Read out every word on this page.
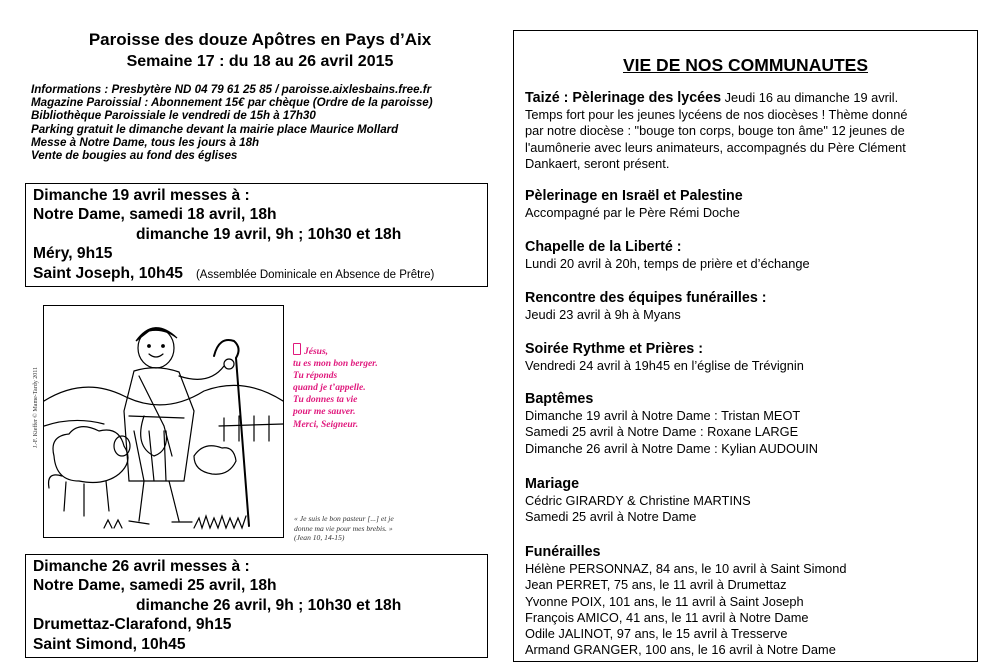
Paroisse des douze Apôtres en Pays d’Aix
Semaine 17 : du 18 au 26 avril 2015
Informations : Presbytère ND 04 79 61 25 85 / paroisse.aixlesbains.free.fr
Magazine Paroissial : Abonnement 15€ par chèque (Ordre de la paroisse)
Bibliothèque Paroissiale le vendredi de 15h à 17h30
Parking gratuit le dimanche devant la mairie place Maurice Mollard
Messe à Notre Dame, tous les jours à 18h
Vente de bougies au fond des églises
Dimanche 19 avril messes à :
Notre Dame, samedi 18 avril, 18h
dimanche 19 avril, 9h ; 10h30 et 18h
Méry, 9h15
Saint Joseph, 10h45 (Assemblée Dominicale en Absence de Prêtre)
J.-F. Kieffer © Mame-Tardy 2011
Jésus,
tu es mon bon berger.
Tu réponds
quand je t’appelle.
Tu donnes ta vie
pour me sauver.
Merci, Seigneur.
« Je suis le bon pasteur [...] et je
donne ma vie pour mes brebis. »
(Jean 10, 14-15)
Dimanche 26 avril messes à :
Notre Dame, samedi 25 avril, 18h
dimanche 26 avril, 9h ; 10h30 et 18h
Drumettaz-Clarafond, 9h15
Saint Simond, 10h45
VIE DE NOS COMMUNAUTES
Taizé : Pèlerinage des lycées Jeudi 16 au dimanche 19 avril.
Temps fort pour les jeunes lycéens de nos diocèses ! Thème donné
par notre diocèse : "bouge ton corps, bouge ton âme" 12 jeunes de
l'aumônerie avec leurs animateurs, accompagnés du Père Clément
Dankaert, seront présent.
Pèlerinage en Israël et Palestine
Accompagné par le Père Rémi Doche
Chapelle de la Liberté :
Lundi 20 avril à 20h, temps de prière et d’échange
Rencontre des équipes funérailles :
Jeudi 23 avril à 9h à Myans
Soirée Rythme et Prières :
Vendredi 24 avril à 19h45 en l’église de Trévignin
Baptêmes
Dimanche 19 avril à Notre Dame : Tristan MEOT
Samedi 25 avril à Notre Dame : Roxane LARGE
Dimanche 26 avril à Notre Dame : Kylian AUDOUIN
Mariage
Cédric GIRARDY & Christine MARTINS
Samedi 25 avril à Notre Dame
Funérailles
Hélène PERSONNAZ, 84 ans, le 10 avril à Saint Simond
Jean PERRET, 75 ans, le 11 avril à Drumettaz
Yvonne POIX, 101 ans, le 11 avril à Saint Joseph
François AMICO, 41 ans, le 11 avril à Notre Dame
Odile JALINOT, 97 ans, le 15 avril à Tresserve
Armand GRANGER, 100 ans, le 16 avril à Notre Dame
